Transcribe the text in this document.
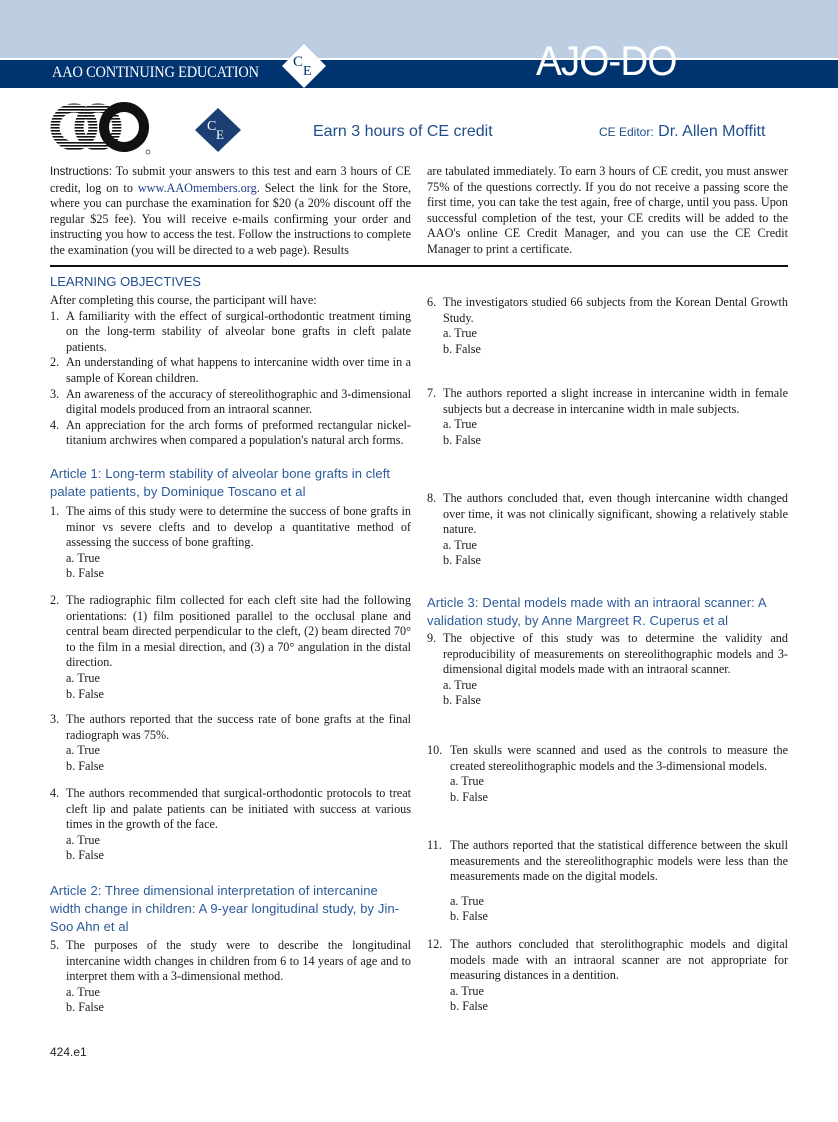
AAO CONTINUING EDUCATION
C
E	AJO-DO
C
E	Earn 3 hours of CE credit	CE Editor: Dr. Allen Moffitt
Instructions: To submit your answers to this test and earn 3 hours of CE credit, log on to www.AAOmembers.org. Select the link for the Store, where you can purchase the examination for $20 (a 20% discount off the regular $25 fee). You will receive e-mails confirming your order and instructing you how to access the test. Follow the instructions to complete the examination (you will be directed to a web page). Results
are tabulated immediately. To earn 3 hours of CE credit, you must answer 75% of the questions correctly. If you do not receive a passing score the first time, you can take the test again, free of charge, until you pass. Upon successful completion of the test, your CE credits will be added to the AAO's online CE Credit Manager, and you can use the CE Credit Manager to print a certificate.
LEARNING OBJECTIVES
After completing this course, the participant will have:
1. A familiarity with the effect of surgical-orthodontic treatment timing on the long-term stability of alveolar bone grafts in cleft palate patients.
2. An understanding of what happens to intercanine width over time in a sample of Korean children.
3. An awareness of the accuracy of stereolithographic and 3-dimensional digital models produced from an intraoral scanner.
4. An appreciation for the arch forms of preformed rectangular nickel-titanium archwires when compared a population's natural arch forms.
Article 1: Long-term stability of alveolar bone grafts in cleft palate patients, by Dominique Toscano et al
1. The aims of this study were to determine the success of bone grafts in minor vs severe clefts and to develop a quantitative method of assessing the success of bone grafting.
a. True
b. False
2. The radiographic film collected for each cleft site had the following orientations: (1) film positioned parallel to the occlusal plane and central beam directed perpendicular to the cleft, (2) beam directed 70° to the film in a mesial direction, and (3) a 70° angulation in the distal direction.
a. True
b. False
3. The authors reported that the success rate of bone grafts at the final radiograph was 75%.
a. True
b. False
4. The authors recommended that surgical-orthodontic protocols to treat cleft lip and palate patients can be initiated with success at various times in the growth of the face.
a. True
b. False
Article 2: Three dimensional interpretation of intercanine width change in children: A 9-year longitudinal study, by Jin-Soo Ahn et al
5. The purposes of the study were to describe the longitudinal intercanine width changes in children from 6 to 14 years of age and to interpret them with a 3-dimensional method.
a. True
b. False
6. The investigators studied 66 subjects from the Korean Dental Growth Study.
a. True
b. False
7. The authors reported a slight increase in intercanine width in female subjects but a decrease in intercanine width in male subjects.
a. True
b. False
8. The authors concluded that, even though intercanine width changed over time, it was not clinically significant, showing a relatively stable nature.
a. True
b. False
Article 3: Dental models made with an intraoral scanner: A validation study, by Anne Margreet R. Cuperus et al
9. The objective of this study was to determine the validity and reproducibility of measurements on stereolithographic models and 3-dimensional digital models made with an intraoral scanner.
a. True
b. False
10. Ten skulls were scanned and used as the controls to measure the created stereolithographic models and the 3-dimensional models.
a. True
b. False
11. The authors reported that the statistical difference between the skull measurements and the stereolithographic models were less than the measurements made on the digital models.
a. True
b. False
12. The authors concluded that sterolithographic models and digital models made with an intraoral scanner are not appropriate for measuring distances in a dentition.
a. True
b. False
424.e1
